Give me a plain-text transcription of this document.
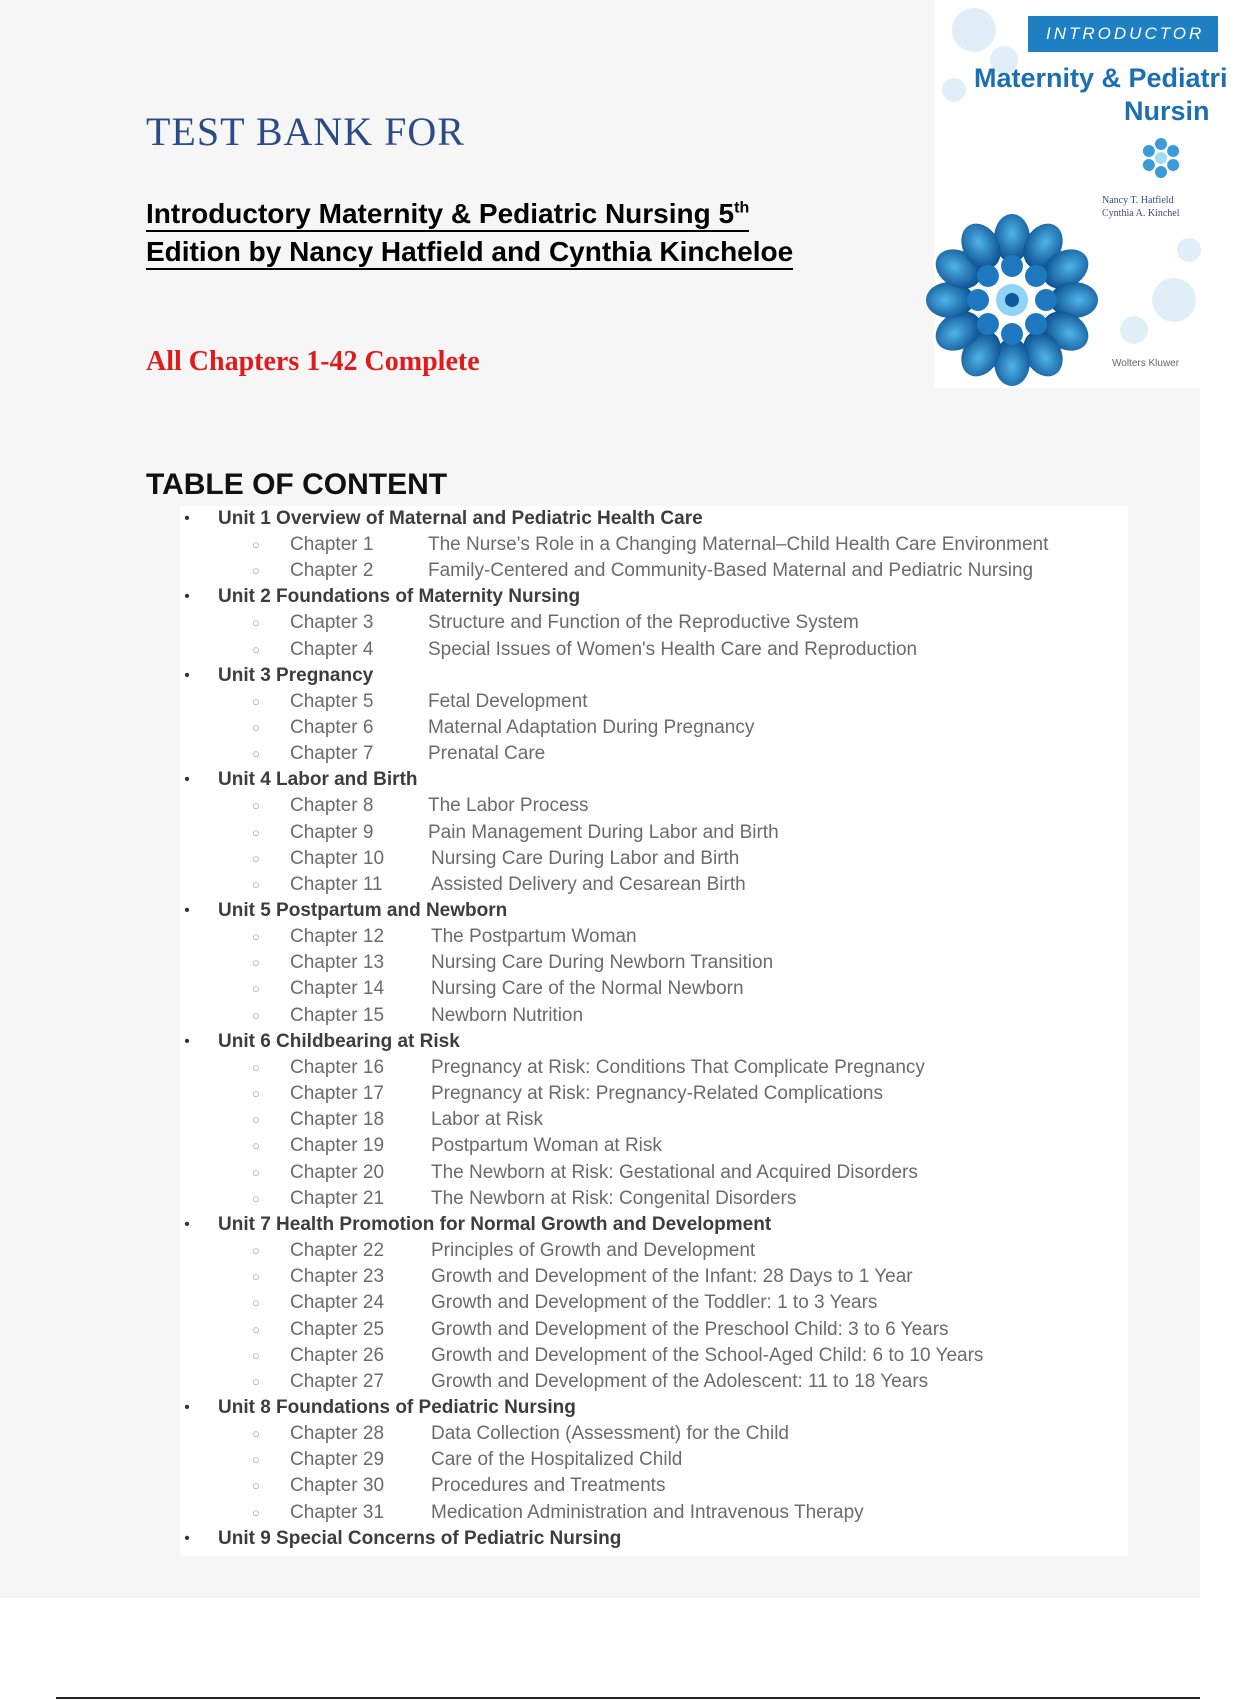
TEST BANK FOR
Introductory Maternity & Pediatric Nursing 5th
Edition by Nancy Hatfield and Cynthia Kincheloe

All Chapters 1-42 Complete

INTRODUCTOR
Maternity & Pediatri
Nursin
Nancy T. Hatfield
Cynthia A. Kinchel
Wolters Kluwer
TABLE OF CONTENT
• Unit 1 Overview of Maternal and Pediatric Health Care
○ Chapter 1	The Nurse's Role in a Changing Maternal–Child Health Care Environment
○ Chapter 2	Family-Centered and Community-Based Maternal and Pediatric Nursing
• Unit 2 Foundations of Maternity Nursing
○ Chapter 3	Structure and Function of the Reproductive System
○ Chapter 4	Special Issues of Women's Health Care and Reproduction
• Unit 3 Pregnancy
○ Chapter 5	Fetal Development
○ Chapter 6	Maternal Adaptation During Pregnancy
○ Chapter 7	Prenatal Care
• Unit 4 Labor and Birth
○ Chapter 8	The Labor Process
○ Chapter 9	Pain Management During Labor and Birth
○ Chapter 10 Nursing Care During Labor and Birth
○ Chapter 11	Assisted Delivery and Cesarean Birth
• Unit 5 Postpartum and Newborn
○ Chapter 12 The Postpartum Woman
○ Chapter 13 Nursing Care During Newborn Transition
○ Chapter 14 Nursing Care of the Normal Newborn
○ Chapter 15 Newborn Nutrition
• Unit 6 Childbearing at Risk
○ Chapter 16 Pregnancy at Risk: Conditions That Complicate Pregnancy
○ Chapter 17 Pregnancy at Risk: Pregnancy-Related Complications
○ Chapter 18 Labor at Risk
○ Chapter 19 Postpartum Woman at Risk
○ Chapter 20 The Newborn at Risk: Gestational and Acquired Disorders
○ Chapter 21 The Newborn at Risk: Congenital Disorders
• Unit 7 Health Promotion for Normal Growth and Development
○ Chapter 22 Principles of Growth and Development
○ Chapter 23 Growth and Development of the Infant: 28 Days to 1 Year
○ Chapter 24 Growth and Development of the Toddler: 1 to 3 Years
○ Chapter 25 Growth and Development of the Preschool Child: 3 to 6 Years
○ Chapter 26 Growth and Development of the School-Aged Child: 6 to 10 Years
○ Chapter 27 Growth and Development of the Adolescent: 11 to 18 Years
• Unit 8 Foundations of Pediatric Nursing
○ Chapter 28 Data Collection (Assessment) for the Child
○ Chapter 29 Care of the Hospitalized Child
○ Chapter 30 Procedures and Treatments
○ Chapter 31 Medication Administration and Intravenous Therapy
• Unit 9 Special Concerns of Pediatric Nursing
